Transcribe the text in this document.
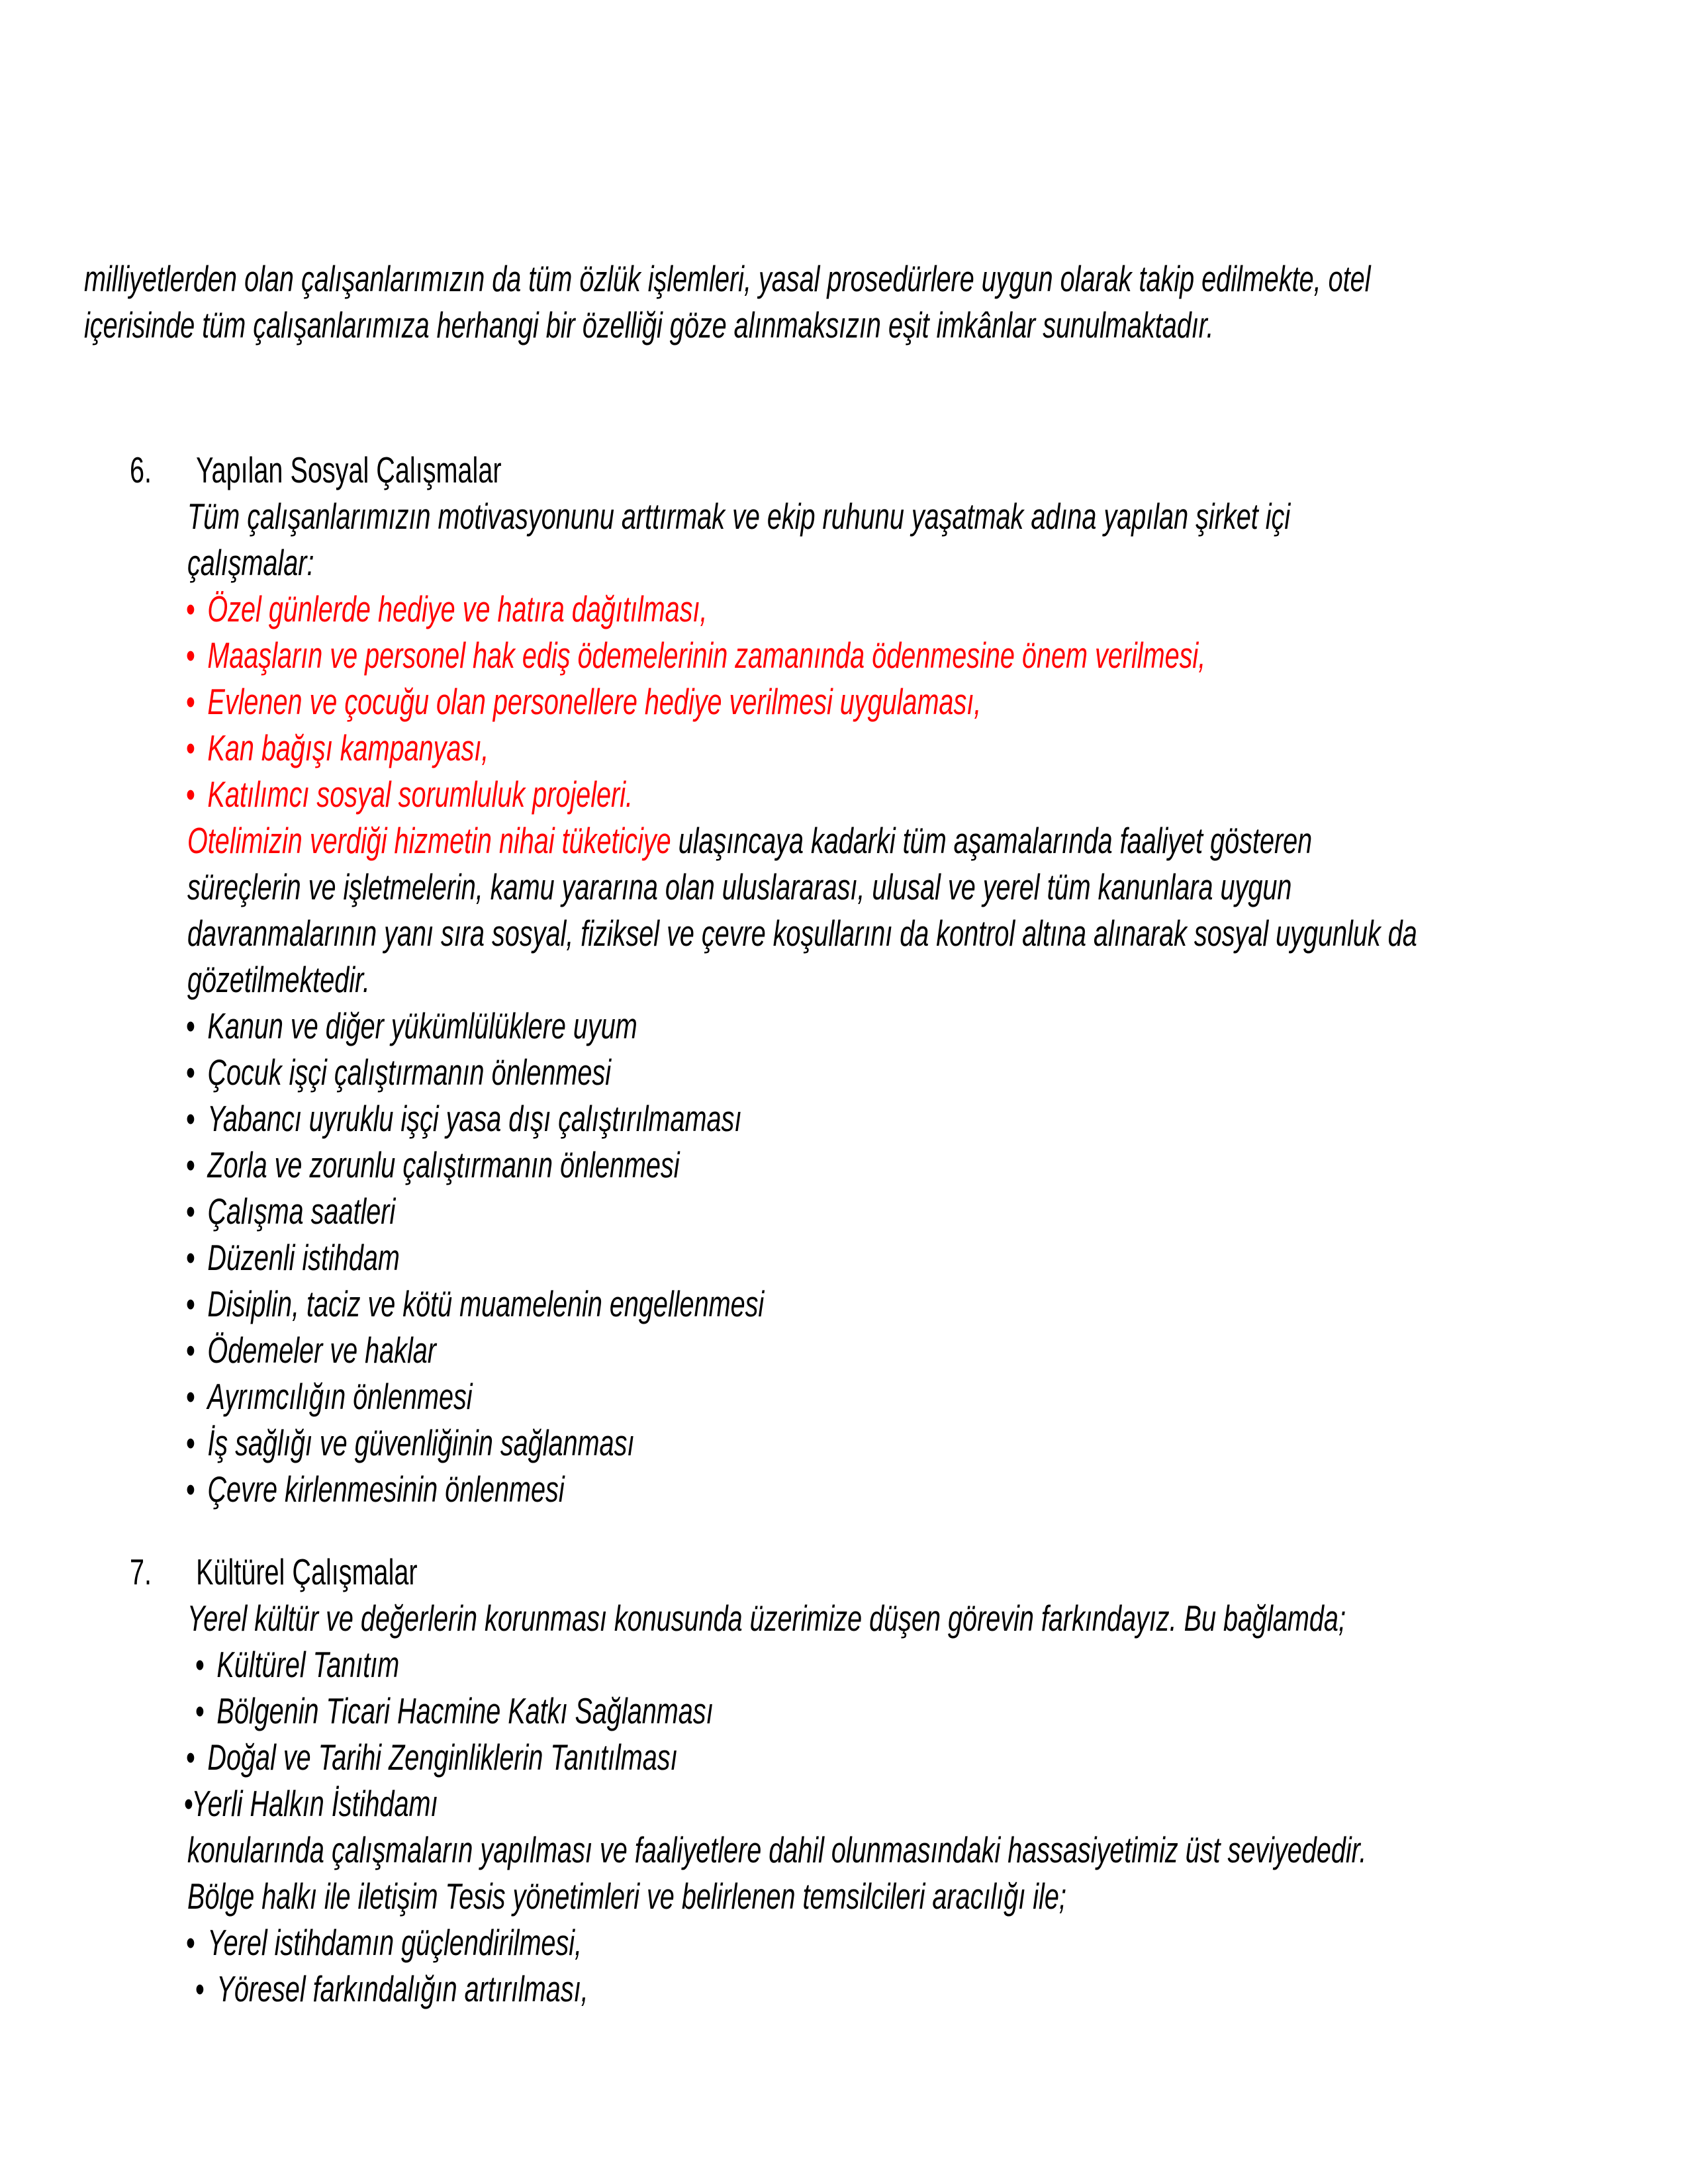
milliyetlerden olan çalışanlarımızın da tüm özlük işlemleri, yasal prosedürlere uygun olarak takip edilmekte, otel
içerisinde tüm çalışanlarımıza herhangi bir özelliği göze alınmaksızın eşit imkânlar sunulmaktadır.
6. Yapılan Sosyal Çalışmalar
Tüm çalışanlarımızın motivasyonunu arttırmak ve ekip ruhunu yaşatmak adına yapılan şirket içi
çalışmalar:
• Özel günlerde hediye ve hatıra dağıtılması,
• Maaşların ve personel hak ediş ödemelerinin zamanında ödenmesine önem verilmesi,
• Evlenen ve çocuğu olan personellere hediye verilmesi uygulaması,
• Kan bağışı kampanyası,
• Katılımcı sosyal sorumluluk projeleri.
Otelimizin verdiği hizmetin nihai tüketiciye ulaşıncaya kadarki tüm aşamalarında faaliyet gösteren
süreçlerin ve işletmelerin, kamu yararına olan uluslararası, ulusal ve yerel tüm kanunlara uygun
davranmalarının yanı sıra sosyal, fiziksel ve çevre koşullarını da kontrol altına alınarak sosyal uygunluk da
gözetilmektedir.
• Kanun ve diğer yükümlülüklere uyum
• Çocuk işçi çalıştırmanın önlenmesi
• Yabancı uyruklu işçi yasa dışı çalıştırılmaması
• Zorla ve zorunlu çalıştırmanın önlenmesi
• Çalışma saatleri
• Düzenli istihdam
• Disiplin, taciz ve kötü muamelenin engellenmesi
• Ödemeler ve haklar
• Ayrımcılığın önlenmesi
• İş sağlığı ve güvenliğinin sağlanması
• Çevre kirlenmesinin önlenmesi
7. Kültürel Çalışmalar
Yerel kültür ve değerlerin korunması konusunda üzerimize düşen görevin farkındayız. Bu bağlamda;
• Kültürel Tanıtım
• Bölgenin Ticari Hacmine Katkı Sağlanması
• Doğal ve Tarihi Zenginliklerin Tanıtılması
•Yerli Halkın İstihdamı
konularında çalışmaların yapılması ve faaliyetlere dahil olunmasındaki hassasiyetimiz üst seviyededir.
Bölge halkı ile iletişim Tesis yönetimleri ve belirlenen temsilcileri aracılığı ile;
• Yerel istihdamın güçlendirilmesi,
• Yöresel farkındalığın artırılması,
